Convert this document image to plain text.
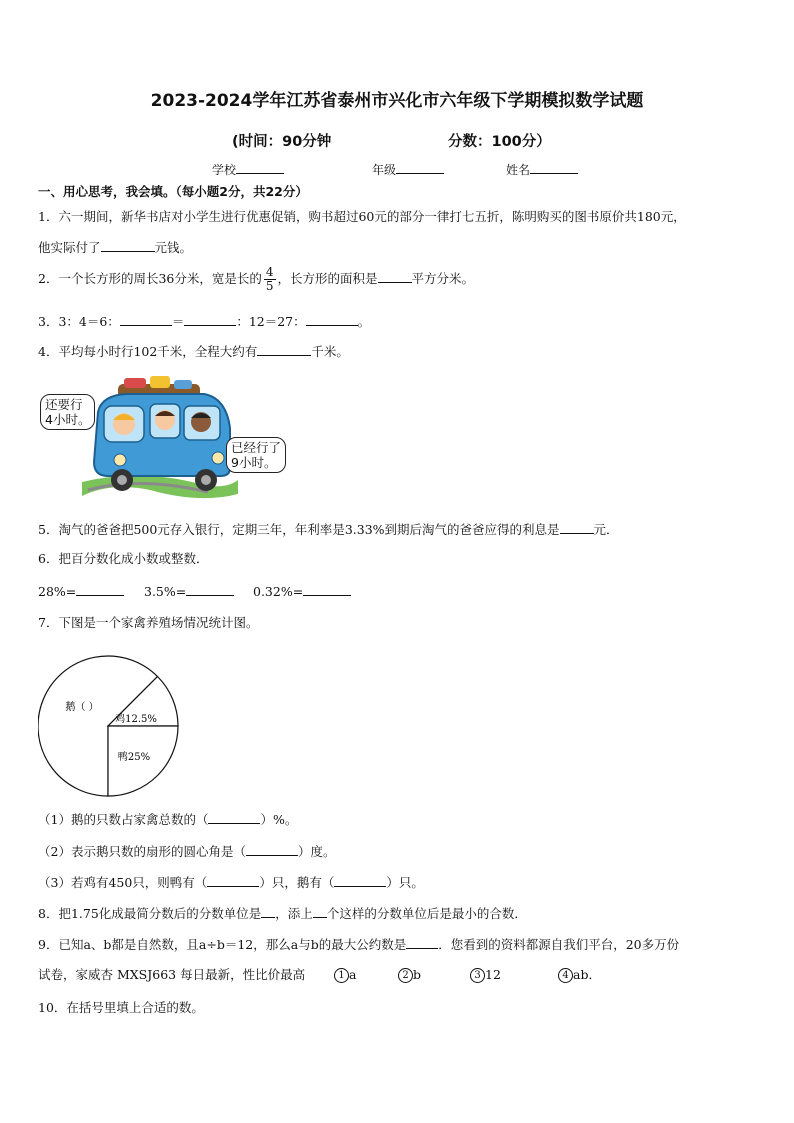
2023-2024学年江苏省泰州市兴化市六年级下学期模拟数学试题
(时间：90分钟	分数：100分）
学校	年级	姓名
一、用心思考，我会填。（每小题2分，共22分）
1．六一期间，新华书店对小学生进行优惠促销，购书超过60元的部分一律打七五折，陈明购买的图书原价共180元，
他实际付了	元钱。
2．一个长方形的周长36分米，宽是长的 $\frac{4}{5}$ ，长方形的面积是	平方分米。
3．3：4＝6：	＝	：12＝27：	。
4．平均每小时行102千米，全程大约有	千米。
还要行
4小时。
已经行了
9小时。
5．淘气的爸爸把500元存入银行，定期三年，年利率是3.33%到期后淘气的爸爸应得的利息是	元．
6．把百分数化成小数或整数．
28%=	3.5%=	0.32%=
7．下图是一个家禽养殖场情况统计图。
鹅（ ）
鸡12.5%
鸭25%
（1）鹅的只数占家禽总数的（	）%。
（2）表示鹅只数的扇形的圆心角是（	）度。
（3）若鸡有450只，则鸭有（	）只，鹅有（	）只。
8．把1.75化成最简分数后的分数单位是 ，添上 个这样的分数单位后是最小的合数．
9．已知a、b都是自然数，且a÷b＝12，那么a与b的最大公约数是	．您看到的资料都源自我们平台，20多万份
试卷，家威杏 MXSJ663 每日最新，性比价最高	1 a	2 b	3 12	4 ab．
10．在括号里填上合适的数。
